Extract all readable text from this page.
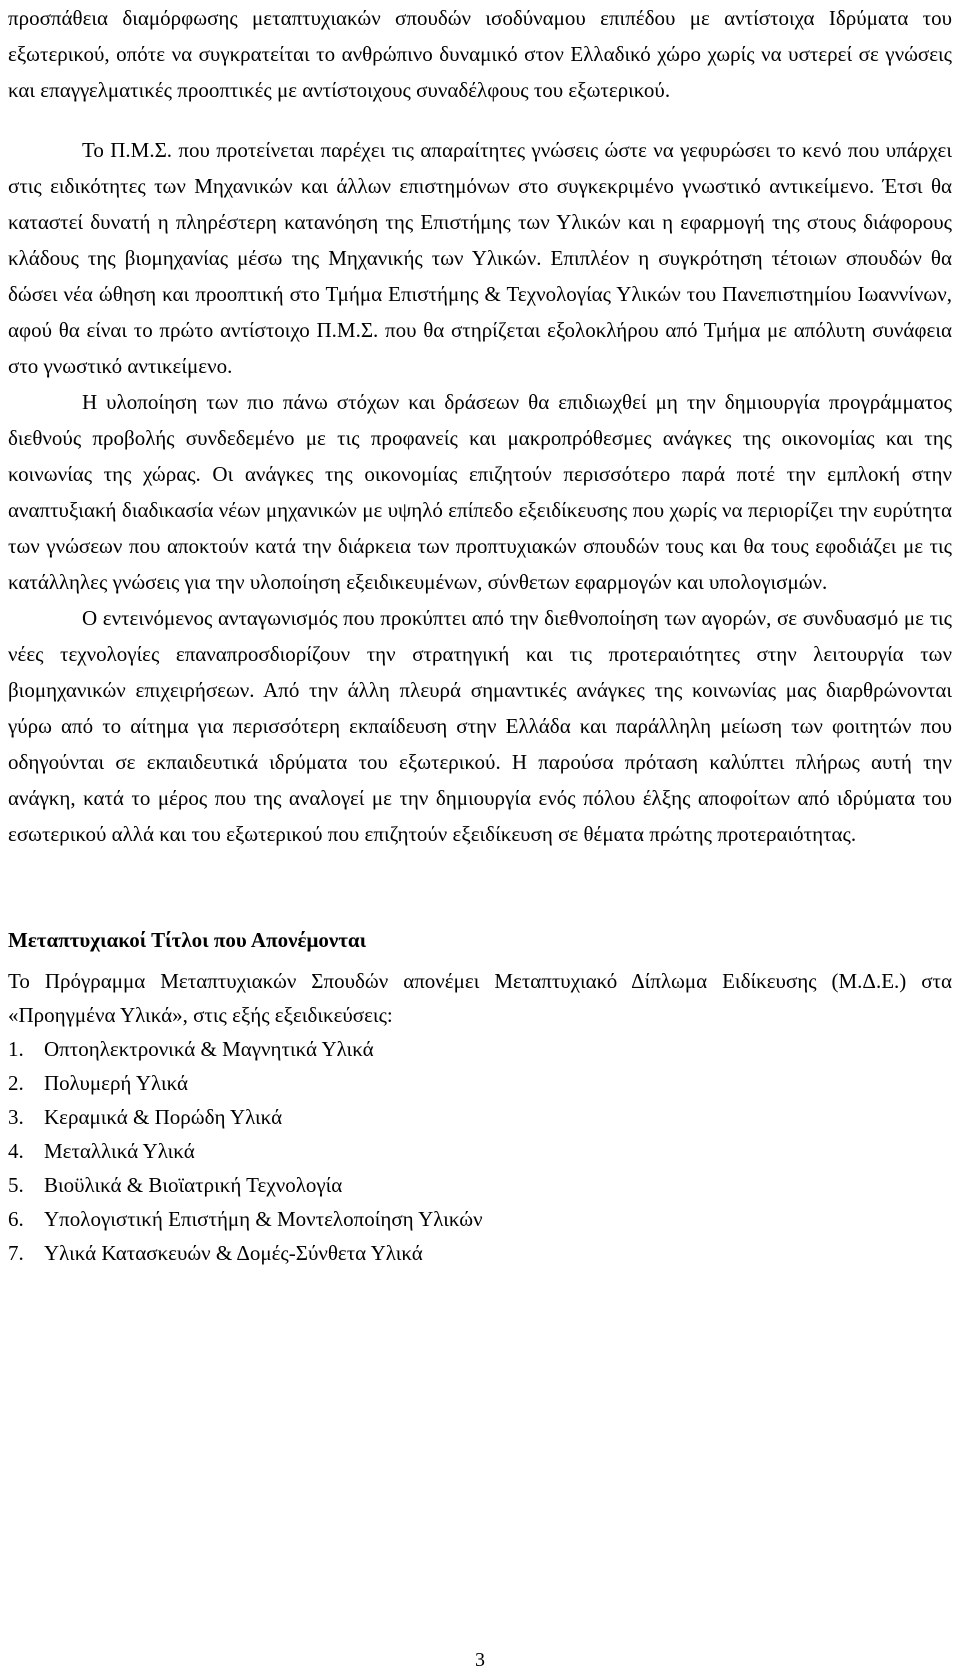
προσπάθεια διαμόρφωσης μεταπτυχιακών σπουδών ισοδύναμου επιπέδου με αντίστοιχα Ιδρύματα του εξωτερικού, οπότε να συγκρατείται το ανθρώπινο δυναμικό στον Ελλαδικό χώρο χωρίς να υστερεί σε γνώσεις και επαγγελματικές προοπτικές με αντίστοιχους συναδέλφους του εξωτερικού.

Το Π.Μ.Σ. που προτείνεται παρέχει τις απαραίτητες γνώσεις ώστε να γεφυρώσει το κενό που υπάρχει στις ειδικότητες των Μηχανικών και άλλων επιστημόνων στο συγκεκριμένο γνωστικό αντικείμενο. Έτσι θα καταστεί δυνατή η πληρέστερη κατανόηση της Επιστήμης των Υλικών και η εφαρμογή της στους διάφορους κλάδους της βιομηχανίας μέσω της Μηχανικής των Υλικών. Επιπλέον η συγκρότηση τέτοιων σπουδών θα δώσει νέα ώθηση και προοπτική στο Τμήμα Επιστήμης & Τεχνολογίας Υλικών του Πανεπιστημίου Ιωαννίνων, αφού θα είναι το πρώτο αντίστοιχο Π.Μ.Σ. που θα στηρίζεται εξολοκλήρου από Τμήμα με απόλυτη συνάφεια στο γνωστικό αντικείμενο.

Η υλοποίηση των πιο πάνω στόχων και δράσεων θα επιδιωχθεί μη την δημιουργία προγράμματος διεθνούς προβολής συνδεδεμένο με τις προφανείς και μακροπρόθεσμες ανάγκες της οικονομίας και της κοινωνίας της χώρας. Οι ανάγκες της οικονομίας επιζητούν περισσότερο παρά ποτέ την εμπλοκή στην αναπτυξιακή διαδικασία νέων μηχανικών με υψηλό επίπεδο εξειδίκευσης που χωρίς να περιορίζει την ευρύτητα των γνώσεων που αποκτούν κατά την διάρκεια των προπτυχιακών σπουδών τους και θα τους εφοδιάζει με τις κατάλληλες γνώσεις για την υλοποίηση εξειδικευμένων, σύνθετων εφαρμογών και υπολογισμών.

Ο εντεινόμενος ανταγωνισμός που προκύπτει από την διεθνοποίηση των αγορών, σε συνδυασμό με τις νέες τεχνολογίες επαναπροσδιορίζουν την στρατηγική και τις προτεραιότητες στην λειτουργία των βιομηχανικών επιχειρήσεων. Από την άλλη πλευρά σημαντικές ανάγκες της κοινωνίας μας διαρθρώνονται γύρω από το αίτημα για περισσότερη εκπαίδευση στην Ελλάδα και παράλληλη μείωση των φοιτητών που οδηγούνται σε εκπαιδευτικά ιδρύματα του εξωτερικού. Η παρούσα πρόταση καλύπτει πλήρως αυτή την ανάγκη, κατά το μέρος που της αναλογεί με την δημιουργία ενός πόλου έλξης αποφοίτων από ιδρύματα του εσωτερικού αλλά και του εξωτερικού που επιζητούν εξειδίκευση σε θέματα πρώτης προτεραιότητας.

Μεταπτυχιακοί Τίτλοι που Απονέμονται

Το Πρόγραμμα Μεταπτυχιακών Σπουδών απονέμει Μεταπτυχιακό Δίπλωμα Ειδίκευσης (Μ.Δ.Ε.) στα «Προηγμένα Υλικά», στις εξής εξειδικεύσεις:

1. Οπτοηλεκτρονικά & Μαγνητικά Υλικά
2. Πολυμερή Υλικά
3. Κεραμικά & Πορώδη Υλικά
4. Μεταλλικά Υλικά
5. Βιοϋλικά & Βιοϊατρική Τεχνολογία
6. Υπολογιστική Επιστήμη & Μοντελοποίηση Υλικών
7. Υλικά Κατασκευών & Δομές-Σύνθετα Υλικά
3
